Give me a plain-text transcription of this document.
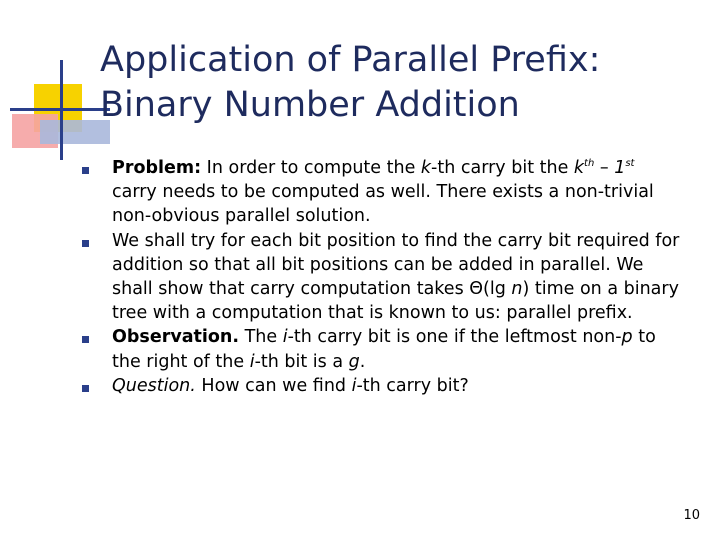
Application of Parallel Prefix:
Binary Number Addition
Problem: In order to compute the k-th carry bit the $k^{th} - 1st$ carry needs to be computed as well. There exists a non-trivial non-obvious parallel solution.
We shall try for each bit position to find the carry bit required for addition so that all bit positions can be added in parallel. We shall show that carry computation takes Θ(lg n) time on a binary tree with a computation that is known to us: parallel prefix.
Observation. The i-th carry bit is one if the leftmost non-p to the right of the i-th bit is a g.
Question. How can we find i-th carry bit?
10
